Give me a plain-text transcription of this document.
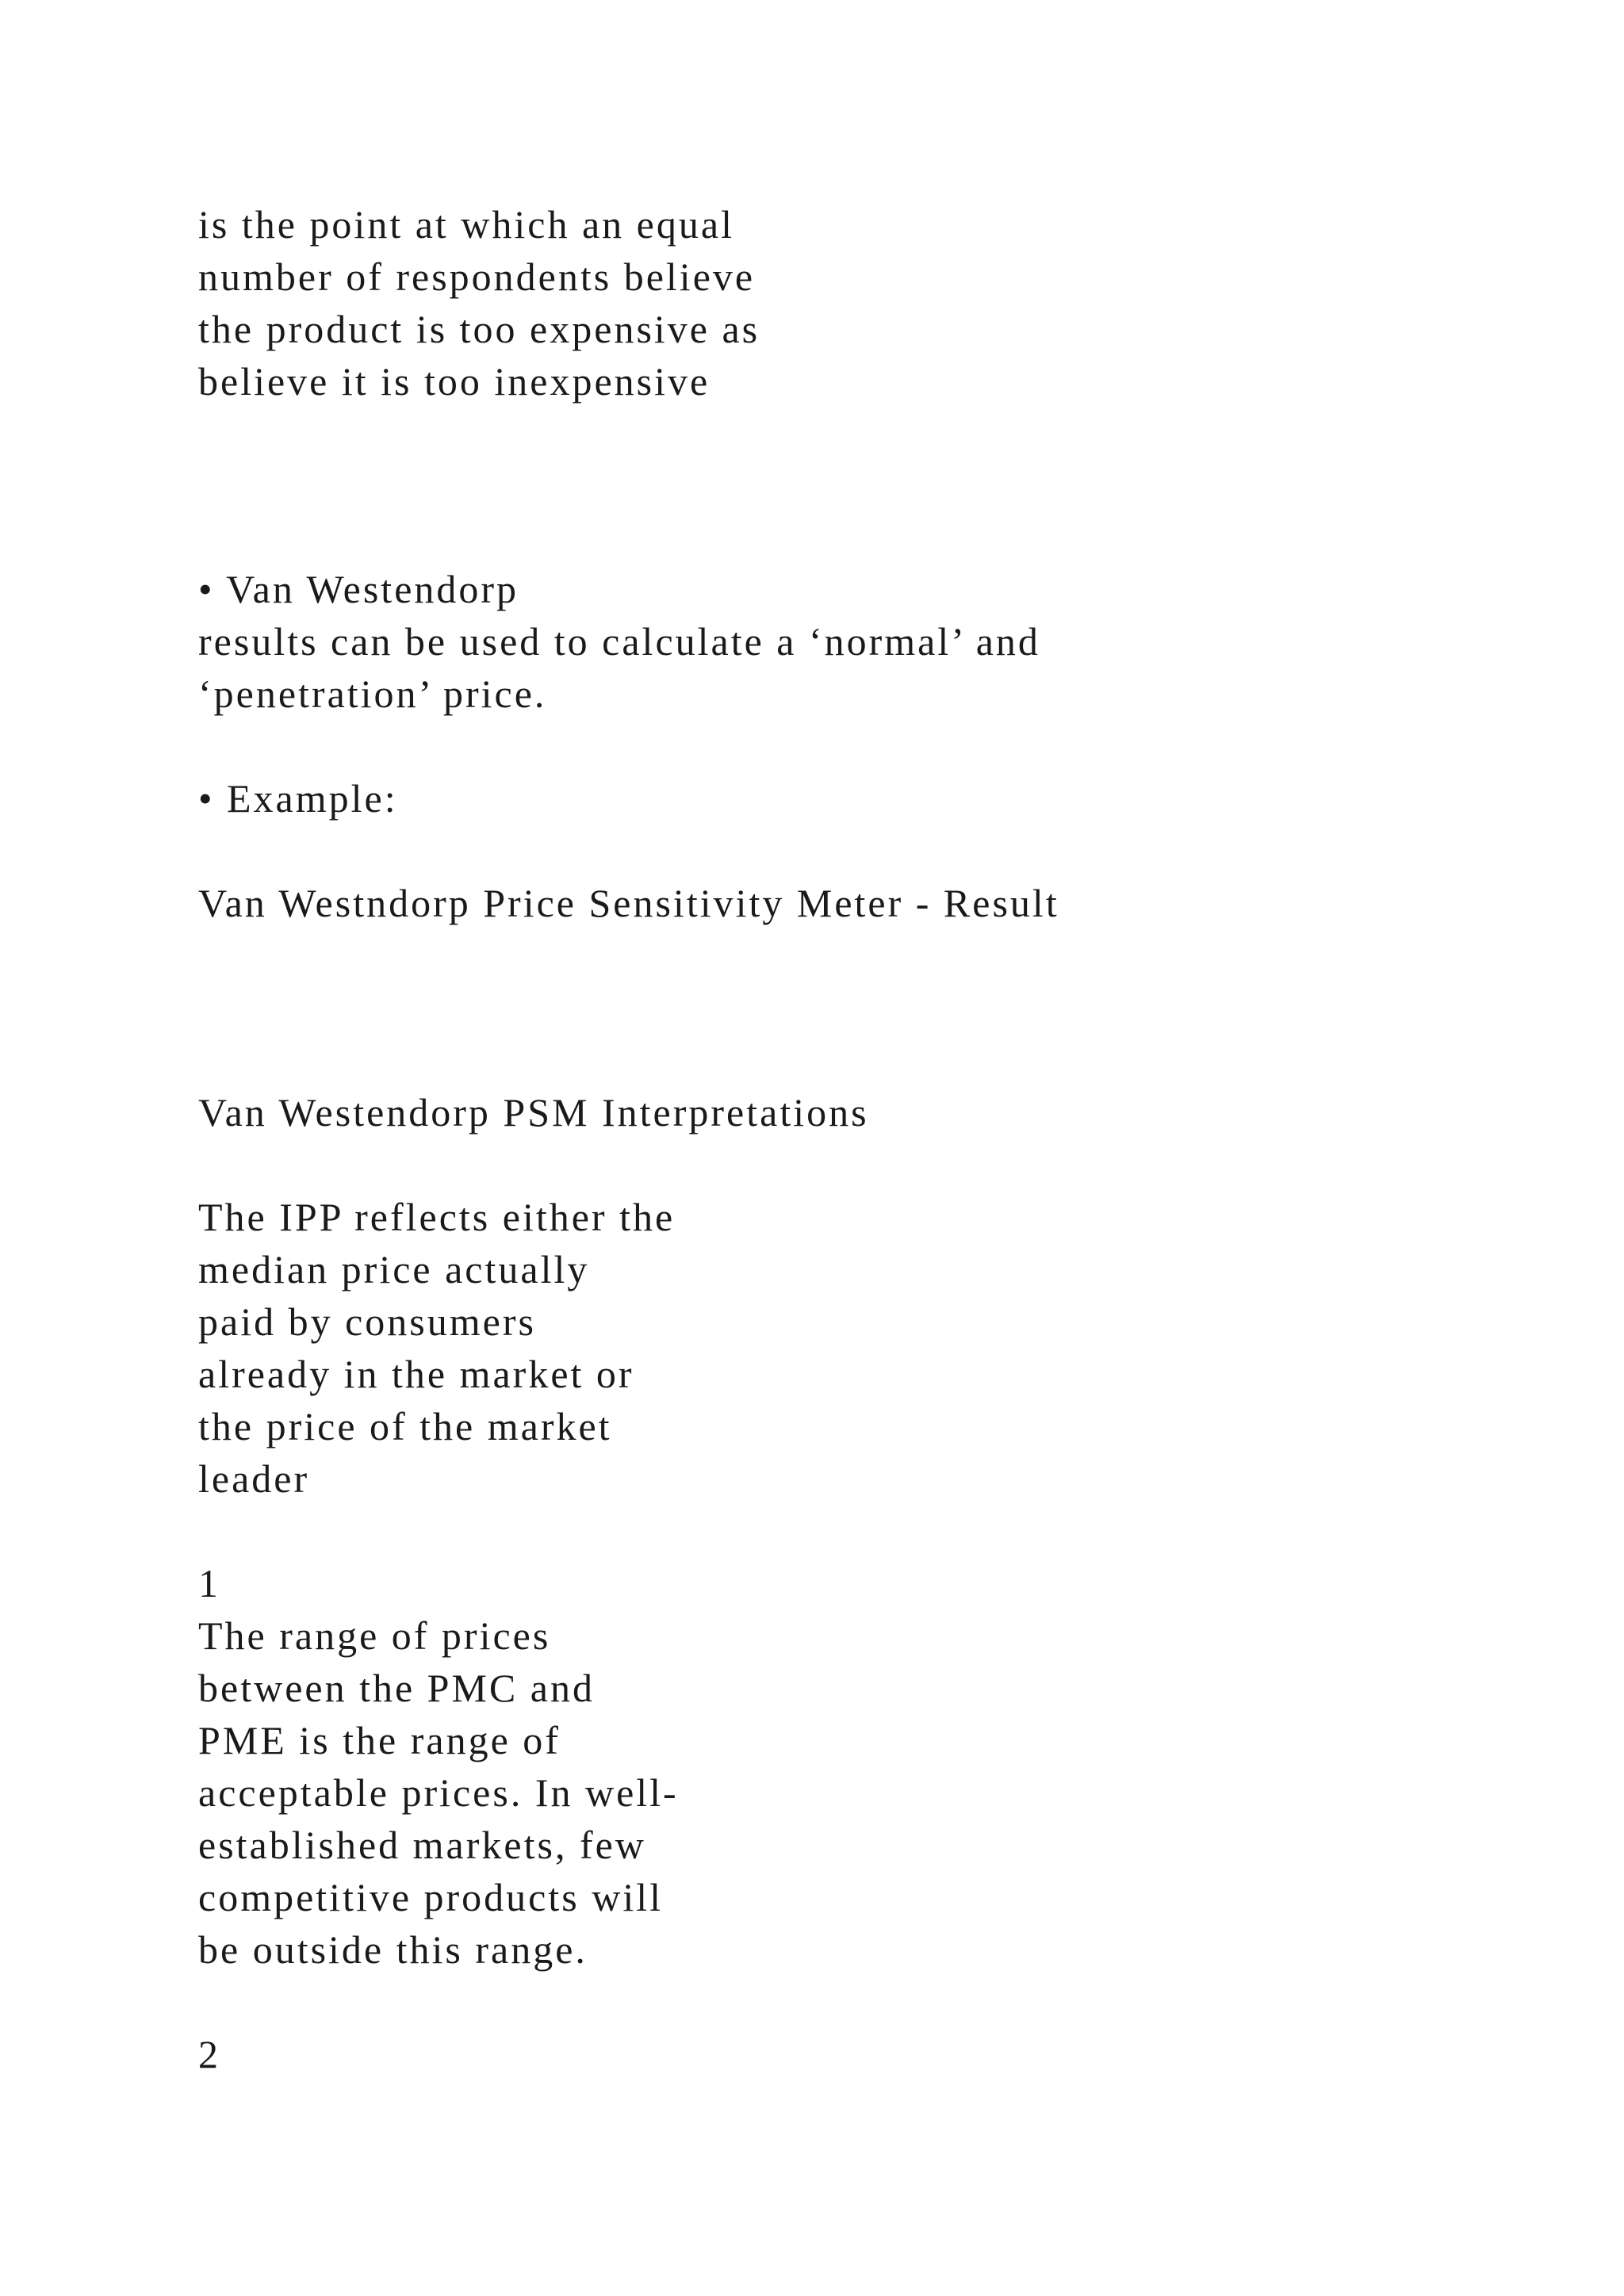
is the point at which an equal

number of respondents believe

the product is too expensive as

believe it is too inexpensive

• Van Westendorp

results can be used to calculate a ‘normal’ and

‘penetration’ price.

• Example:

Van Westndorp Price Sensitivity Meter - Result

Van Westendorp PSM Interpretations

The IPP reflects either the

median price actually

paid by consumers

already in the market or

the price of the market

leader

1

The range of prices

between the PMC and

PME is the range of

acceptable prices. In well-

established markets, few

competitive products will

be outside this range.

2
